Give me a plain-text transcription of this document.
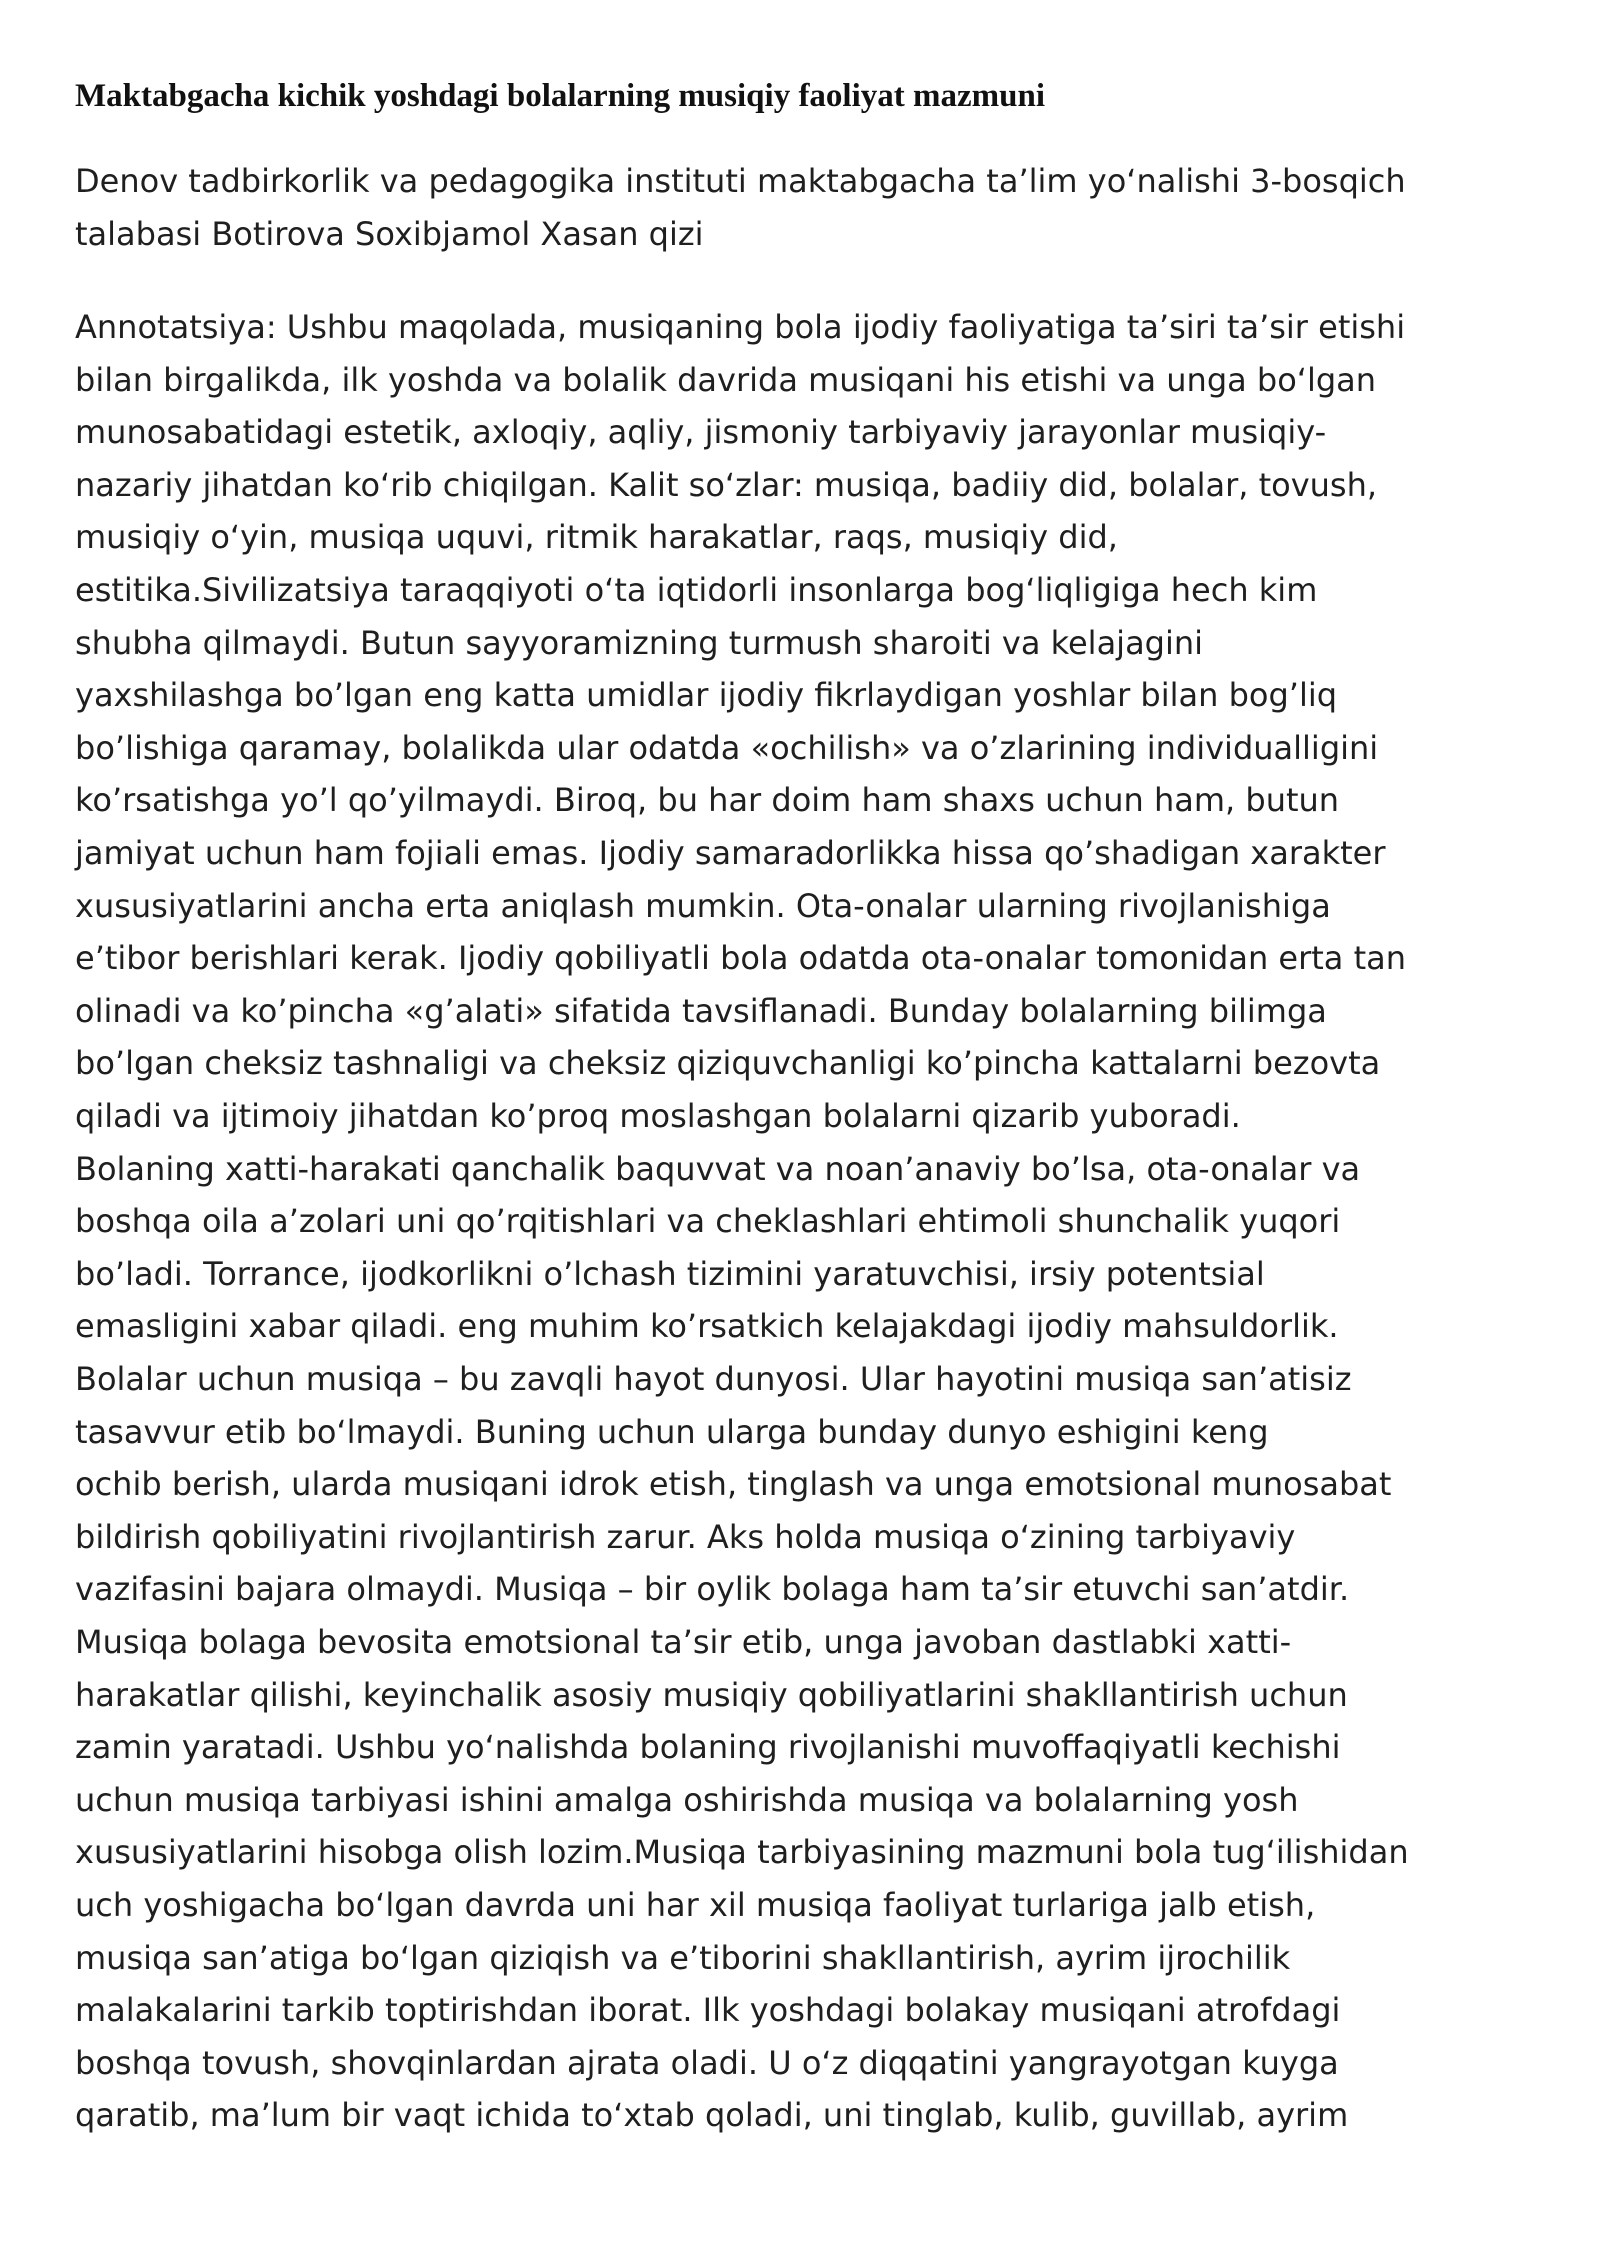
Maktabgacha kichik yoshdagi bolalarning musiqiy faoliyat mazmuni
Denov tadbirkorlik va pedagogika instituti maktabgacha ta’lim yo‘nalishi 3-bosqich
talabasi Botirova Soxibjamol Xasan qizi
Annotatsiya: Ushbu maqolada, musiqaning bola ijodiy faoliyatiga ta’siri ta’sir etishi
bilan birgalikda, ilk yoshda va bolalik davrida musiqani his etishi va unga bo‘lgan
munosabatidagi estetik, axloqiy, aqliy, jismoniy tarbiyaviy jarayonlar musiqiy-
nazariy jihatdan ko‘rib chiqilgan. Kalit so‘zlar: musiqa, badiiy did, bolalar, tovush,
musiqiy o‘yin, musiqa uquvi, ritmik harakatlar, raqs, musiqiy did,
estitika.Sivilizatsiya taraqqiyoti o‘ta iqtidorli insonlarga bog‘liqligiga hech kim
shubha qilmaydi. Butun sayyoramizning turmush sharoiti va kelajagini
yaxshilashga bo’lgan eng katta umidlar ijodiy fikrlaydigan yoshlar bilan bog’liq
bo’lishiga qaramay, bolalikda ular odatda «ochilish» va o’zlarining individualligini
ko’rsatishga yo’l qo’yilmaydi. Biroq, bu har doim ham shaxs uchun ham, butun
jamiyat uchun ham fojiali emas. Ijodiy samaradorlikka hissa qo’shadigan xarakter
xususiyatlarini ancha erta aniqlash mumkin. Ota-onalar ularning rivojlanishiga
e’tibor berishlari kerak. Ijodiy qobiliyatli bola odatda ota-onalar tomonidan erta tan
olinadi va ko’pincha «g’alati» sifatida tavsiflanadi. Bunday bolalarning bilimga
bo’lgan cheksiz tashnaligi va cheksiz qiziquvchanligi ko’pincha kattalarni bezovta
qiladi va ijtimoiy jihatdan ko’proq moslashgan bolalarni qizarib yuboradi.
Bolaning xatti-harakati qanchalik baquvvat va noan’anaviy bo’lsa, ota-onalar va
boshqa oila a’zolari uni qo’rqitishlari va cheklashlari ehtimoli shunchalik yuqori
bo’ladi. Torrance, ijodkorlikni o’lchash tizimini yaratuvchisi, irsiy potentsial
emasligini xabar qiladi. eng muhim ko’rsatkich kelajakdagi ijodiy mahsuldorlik.
Bolalar uchun musiqa – bu zavqli hayot dunyosi. Ular hayotini musiqa san’atisiz
tasavvur etib bo‘lmaydi. Buning uchun ularga bunday dunyo eshigini keng
ochib berish, ularda musiqani idrok etish, tinglash va unga emotsional munosabat
bildirish qobiliyatini rivojlantirish zarur. Aks holda musiqa o‘zining tarbiyaviy
vazifasini bajara olmaydi. Musiqa – bir oylik bolaga ham ta’sir etuvchi san’atdir.
Musiqa bolaga bevosita emotsional ta’sir etib, unga javoban dastlabki xatti-
harakatlar qilishi, keyinchalik asosiy musiqiy qobiliyatlarini shakllantirish uchun
zamin yaratadi. Ushbu yo‘nalishda bolaning rivojlanishi muvoffaqiyatli kechishi
uchun musiqa tarbiyasi ishini amalga oshirishda musiqa va bolalarning yosh
xususiyatlarini hisobga olish lozim.Musiqa tarbiyasining mazmuni bola tug‘ilishidan
uch yoshigacha bo‘lgan davrda uni har xil musiqa faoliyat turlariga jalb etish,
musiqa san’atiga bo‘lgan qiziqish va e’tiborini shakllantirish, ayrim ijrochilik
malakalarini tarkib toptirishdan iborat. Ilk yoshdagi bolakay musiqani atrofdagi
boshqa tovush, shovqinlardan ajrata oladi. U o‘z diqqatini yangrayotgan kuyga
qaratib, ma’lum bir vaqt ichida to‘xtab qoladi, uni tinglab, kulib, guvillab, ayrim
